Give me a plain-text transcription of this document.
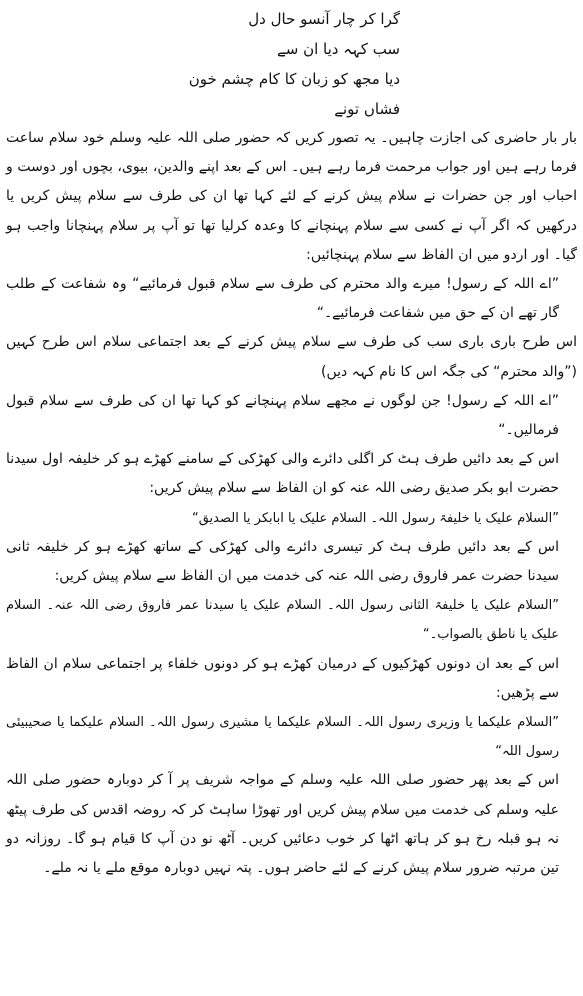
گرا کر چار آنسو حال دل
سب کہہ دیا ان سے
دیا مجھ کو زبان کا کام چشم خون
فشاں تونے

بار بار حاضری کی اجازت چاہیں۔ یہ تصور کریں کہ حضور صلی اللہ علیہ وسلم خود سلام ساعت فرما رہے ہیں اور جواب مرحمت فرما رہے ہیں۔ اس کے بعد اپنے والدین، بیوی، بچوں اور دوست و احباب اور جن حضرات نے سلام پیش کرنے کے لئے کہا تھا ان کی طرف سے سلام پیش کریں یا درکھیں کہ اگر آپ نے کسی سے سلام پہنچانے کا وعدہ کرلیا تھا تو آپ پر سلام پہنچانا واجب ہو گیا۔ اور اردو میں ان الفاظ سے سلام پہنچائیں:

”اے اللہ کے رسول! میرے والد محترم کی طرف سے سلام قبول فرمائیے“ وہ شفاعت کے طلب گار تھے ان کے حق میں شفاعت فرمائیے۔“

اس طرح باری باری سب کی طرف سے سلام پیش کرنے کے بعد اجتماعی سلام اس طرح کہیں (”والد محترم“ کی جگہ اس کا نام کہہ دیں)

”اے اللہ کے رسول! جن لوگوں نے مجھے سلام پہنچانے کو کہا تھا ان کی طرف سے سلام قبول فرمالیں۔“

اس کے بعد دائیں طرف ہٹ کر اگلی دائرے والی کھڑکی کے سامنے کھڑے ہو کر خلیفہ اول سیدنا حضرت ابو بکر صدیق رضی اللہ عنہ کو ان الفاظ سے سلام پیش کریں:

”السلام علیک یا خلیفۃ رسول اللہ۔ السلام علیک یا ابابکر یا الصدیق“

اس کے بعد دائیں طرف ہٹ کر تیسری دائرے والی کھڑکی کے ساتھ کھڑے ہو کر خلیفہ ثانی سیدنا حضرت عمر فاروق رضی اللہ عنہ کی خدمت میں ان الفاظ سے سلام پیش کریں:

”السلام علیک یا خلیفۃ الثانی رسول اللہ۔ السلام علیک یا سیدنا عمر فاروق رضی اللہ عنہ۔ السلام علیک یا ناطق بالصواب۔“

اس کے بعد ان دونوں کھڑکیوں کے درمیان کھڑے ہو کر دونوں خلفاء پر اجتماعی سلام ان الفاظ سے پڑھیں:

”السلام علیکما یا وزیری رسول اللہ۔ السلام علیکما یا مشیری رسول اللہ۔ السلام علیکما یا صحیبیئی رسول اللہ“

اس کے بعد پھر حضور صلی اللہ علیہ وسلم کے مواجہ شریف پر آ کر دوبارہ حضور صلی اللہ علیہ وسلم کی خدمت میں سلام پیش کریں اور تھوڑا ساہٹ کر کہ روضہ اقدس کی طرف پیٹھ نہ ہو قبلہ رخ ہو کر ہاتھ اٹھا کر خوب دعائیں کریں۔ آٹھ نو دن آپ کا قیام ہو گا۔ روزانہ دو تین مرتبہ ضرور سلام پیش کرنے کے لئے حاضر ہوں۔ پتہ نہیں دوبارہ موقع ملے یا نہ ملے۔
